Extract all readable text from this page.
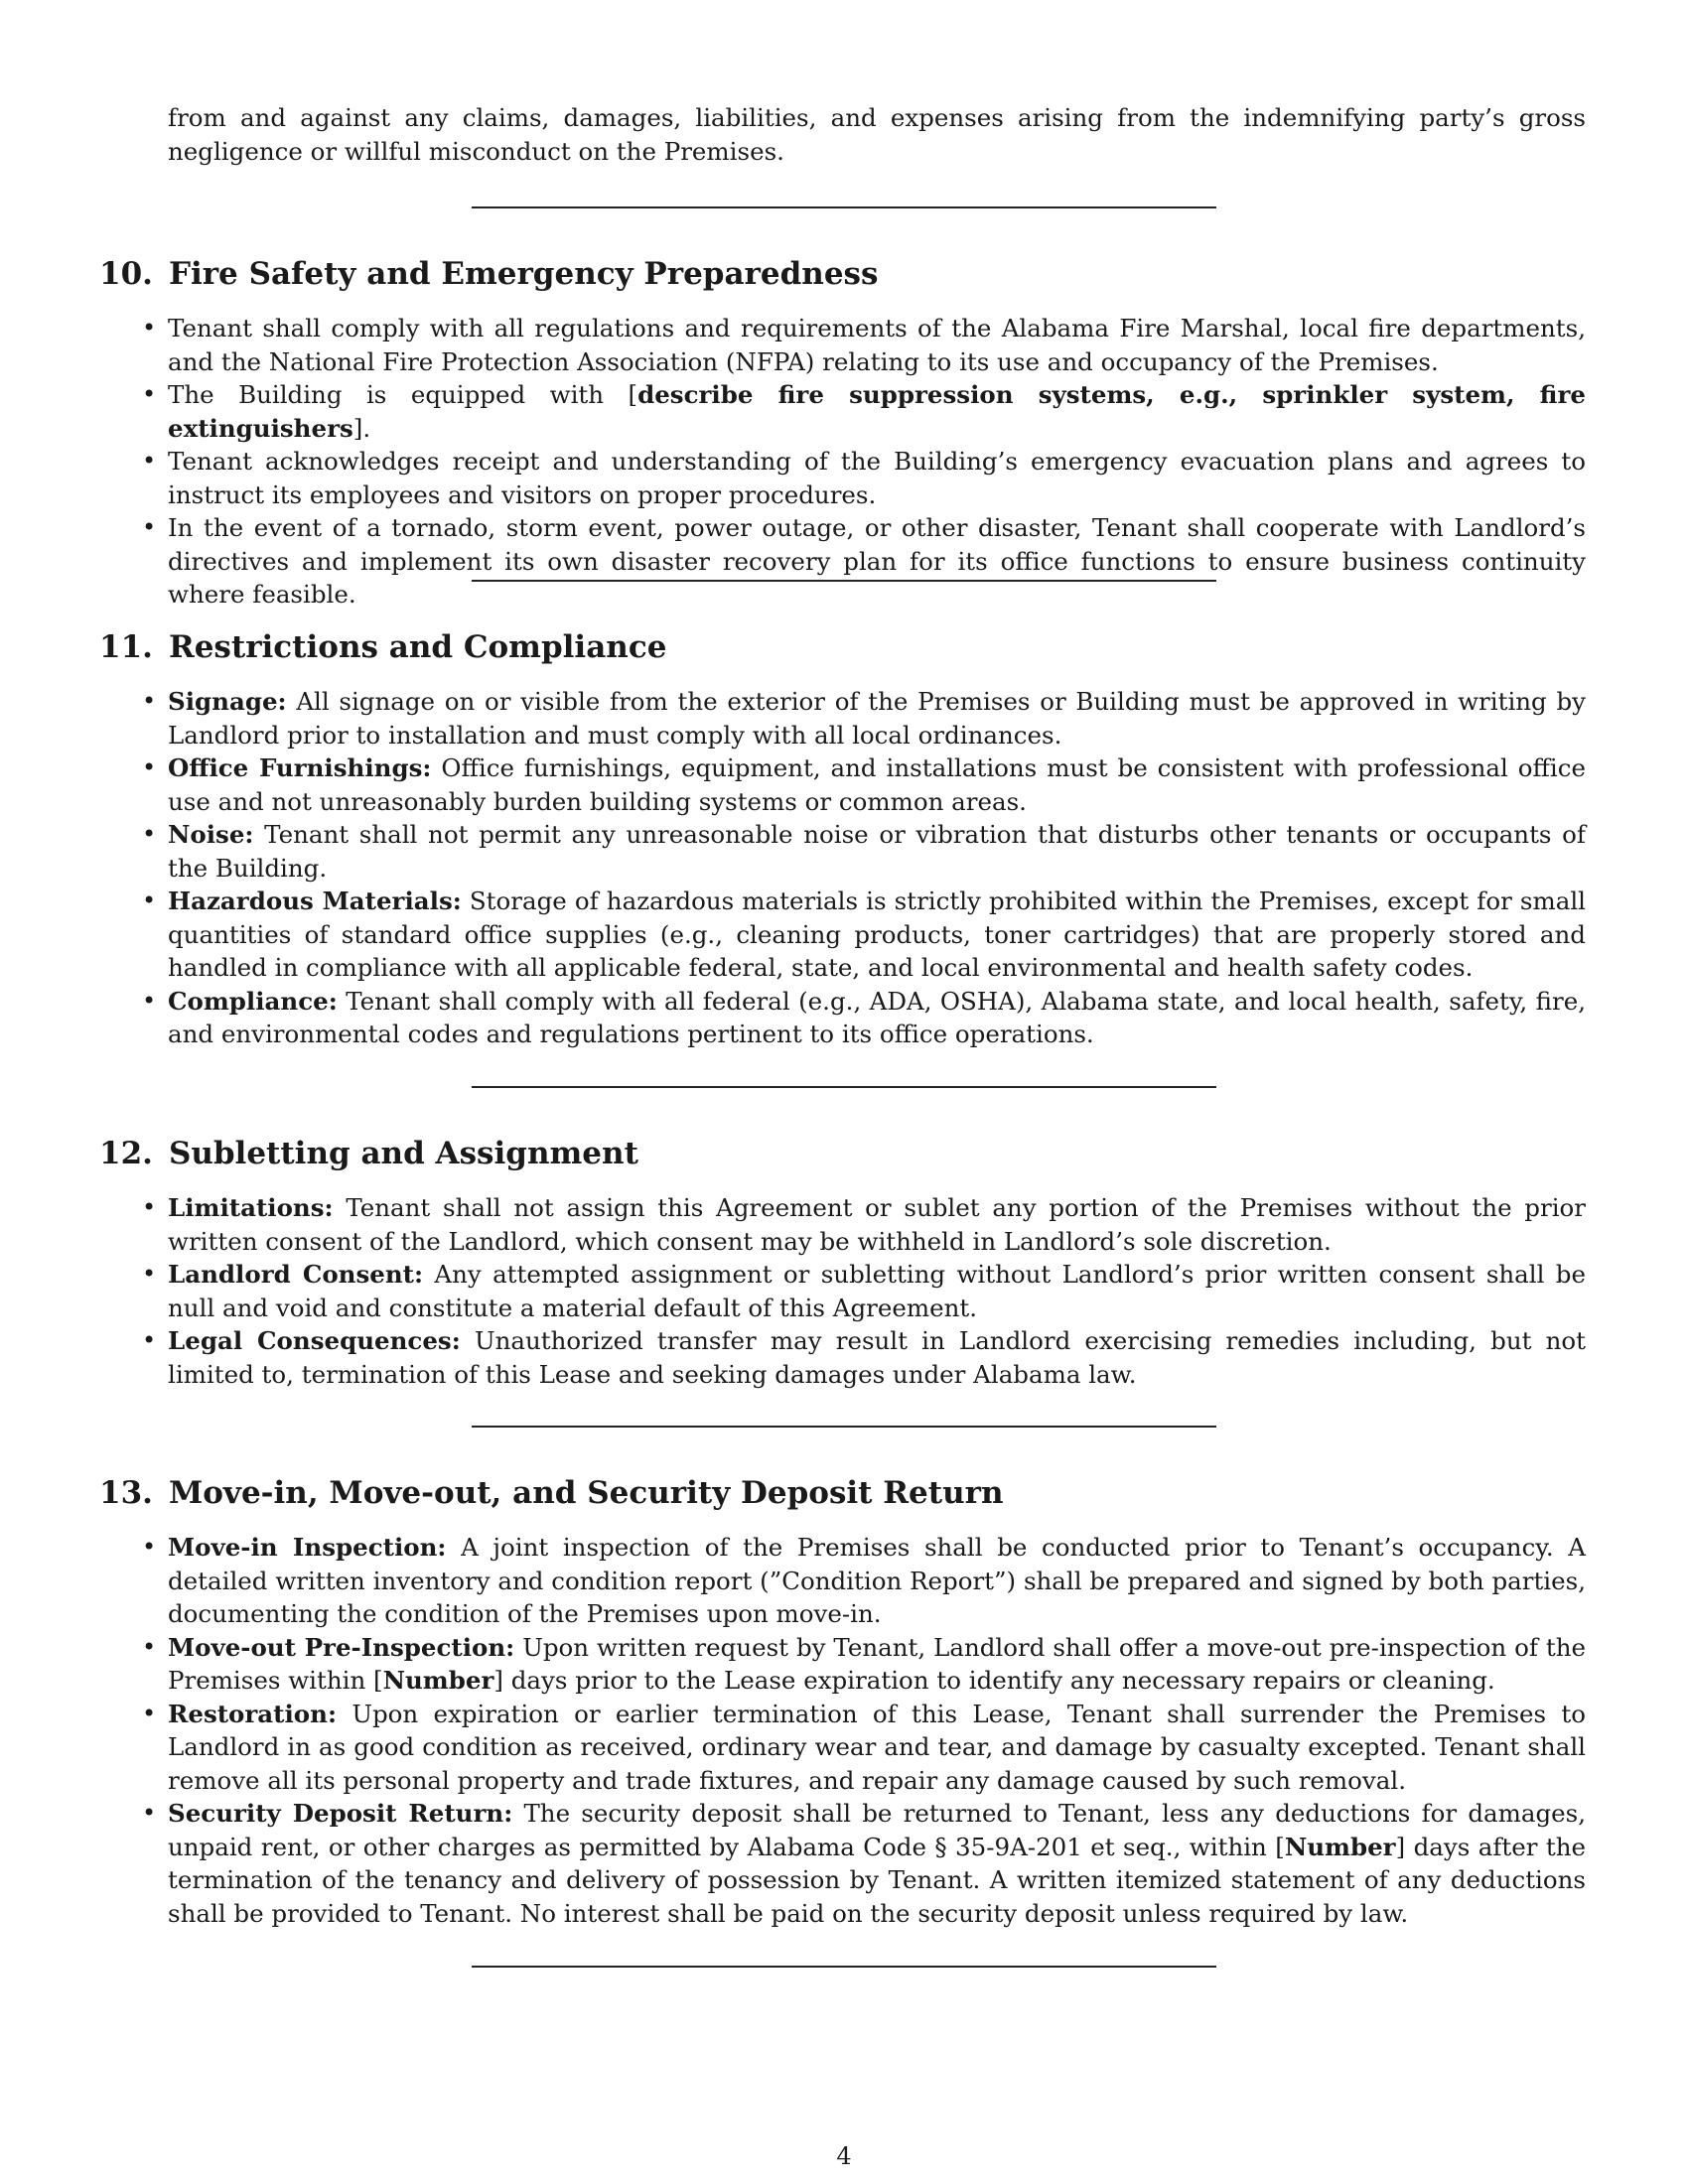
from and against any claims, damages, liabilities, and expenses arising from the indemnifying party’s gross negligence or willful misconduct on the Premises.

10. Fire Safety and Emergency Preparedness
• Tenant shall comply with all regulations and requirements of the Alabama Fire Marshal, local fire departments, and the National Fire Protection Association (NFPA) relating to its use and occupancy of the Premises.
• The Building is equipped with [describe fire suppression systems, e.g., sprinkler system, fire extinguishers].
• Tenant acknowledges receipt and understanding of the Building’s emergency evacuation plans and agrees to instruct its employees and visitors on proper procedures.
• In the event of a tornado, storm event, power outage, or other disaster, Tenant shall cooperate with Landlord’s directives and implement its own disaster recovery plan for its office functions to ensure business continuity where feasible.
11. Restrictions and Compliance
• Signage: All signage on or visible from the exterior of the Premises or Building must be approved in writing by Landlord prior to installation and must comply with all local ordinances.
• Office Furnishings: Office furnishings, equipment, and installations must be consistent with professional office use and not unreasonably burden building systems or common areas.
• Noise: Tenant shall not permit any unreasonable noise or vibration that disturbs other tenants or occupants of the Building.
• Hazardous Materials: Storage of hazardous materials is strictly prohibited within the Premises, except for small quantities of standard office supplies (e.g., cleaning products, toner cartridges) that are properly stored and handled in compliance with all applicable federal, state, and local environmental and health safety codes.
• Compliance: Tenant shall comply with all federal (e.g., ADA, OSHA), Alabama state, and local health, safety, fire, and environmental codes and regulations pertinent to its office operations.
12. Subletting and Assignment
• Limitations: Tenant shall not assign this Agreement or sublet any portion of the Premises without the prior written consent of the Landlord, which consent may be withheld in Landlord’s sole discretion.
• Landlord Consent: Any attempted assignment or subletting without Landlord’s prior written consent shall be null and void and constitute a material default of this Agreement.
• Legal Consequences: Unauthorized transfer may result in Landlord exercising remedies including, but not limited to, termination of this Lease and seeking damages under Alabama law.
13. Move-in, Move-out, and Security Deposit Return
• Move-in Inspection: A joint inspection of the Premises shall be conducted prior to Tenant’s occupancy. A detailed written inventory and condition report (”Condition Report”) shall be prepared and signed by both parties, documenting the condition of the Premises upon move-in.
• Move-out Pre-Inspection: Upon written request by Tenant, Landlord shall offer a move-out pre-inspection of the Premises within [Number] days prior to the Lease expiration to identify any necessary repairs or cleaning.
• Restoration: Upon expiration or earlier termination of this Lease, Tenant shall surrender the Premises to Landlord in as good condition as received, ordinary wear and tear, and damage by casualty excepted. Tenant shall remove all its personal property and trade fixtures, and repair any damage caused by such removal.
• Security Deposit Return: The security deposit shall be returned to Tenant, less any deductions for damages, unpaid rent, or other charges as permitted by Alabama Code § 35-9A-201 et seq., within [Number] days after the termination of the tenancy and delivery of possession by Tenant. A written itemized statement of any deductions shall be provided to Tenant. No interest shall be paid on the security deposit unless required by law.
4
